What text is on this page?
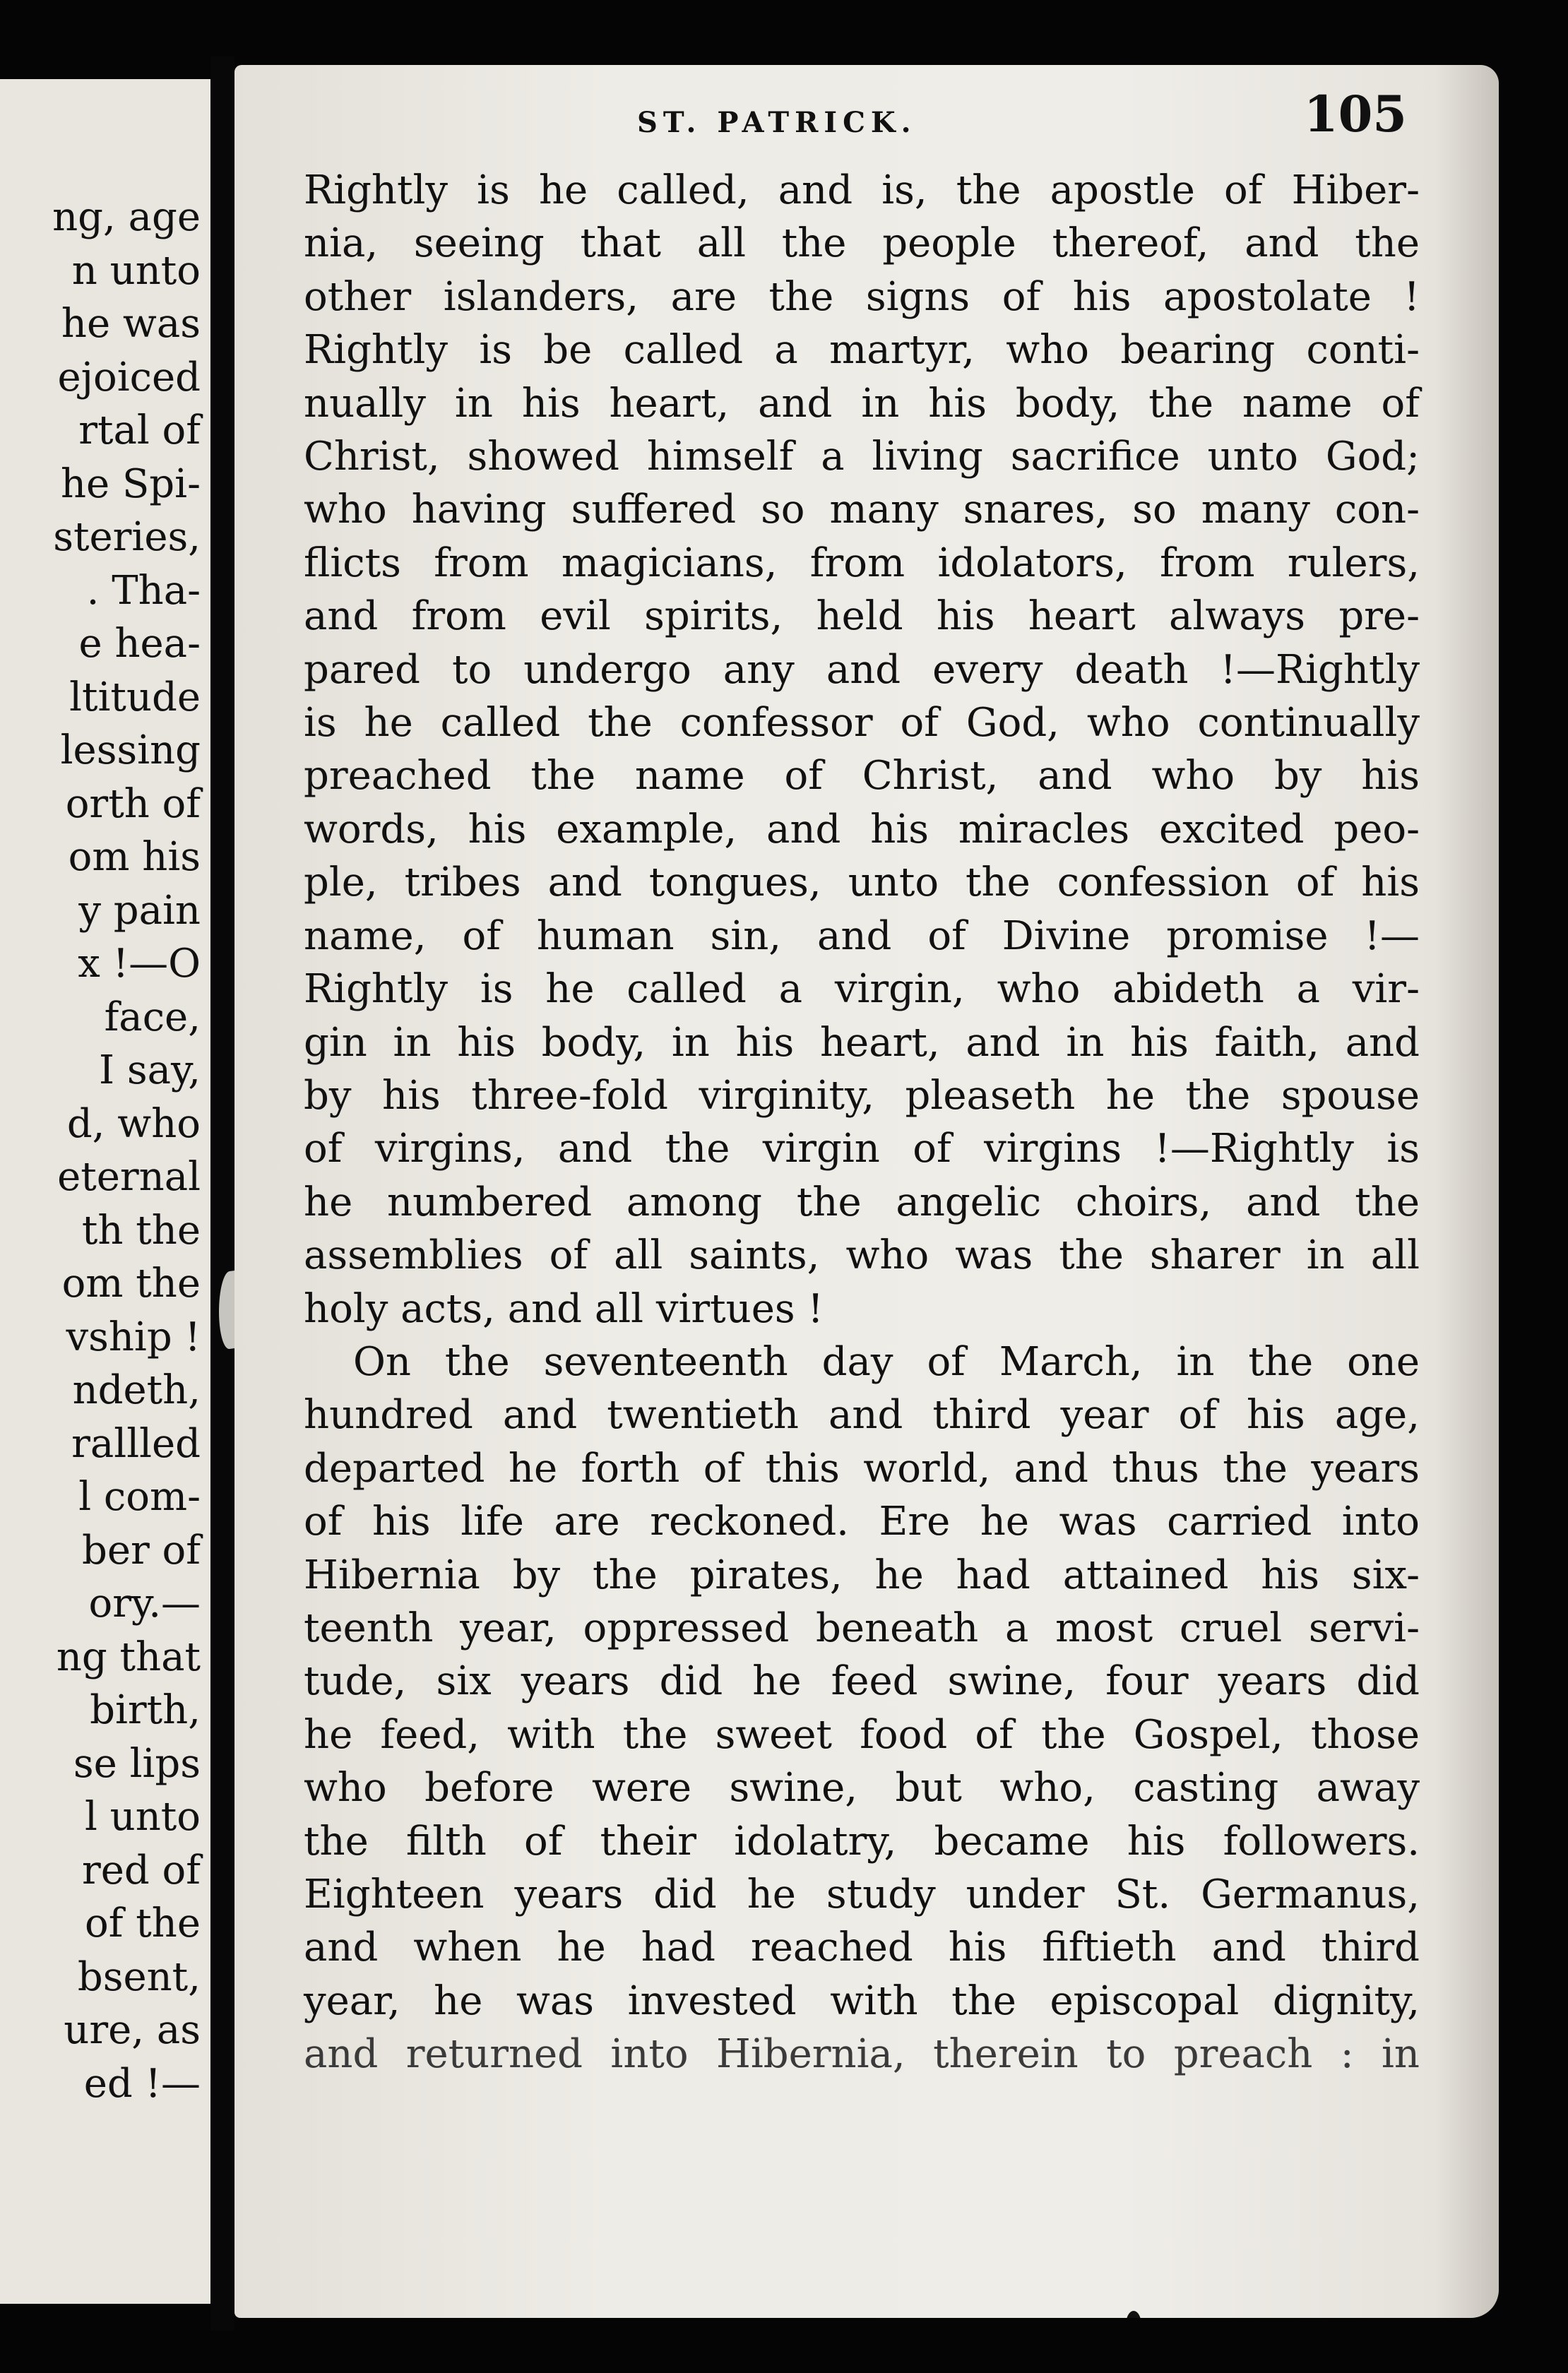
ng, age
n unto
he was
ejoiced
rtal of
he Spi-
steries,
. Tha-
e hea-
ltitude
lessing
orth of
om his
y pain
x !—O
face,
I say,
d, who
eternal
th the
om the
vship !
ndeth,
rallled
l com-
ber of
ory.—
ng that
birth,
se lips
l unto
red of
of the
bsent,
ure, as
ed !—
ST. PATRICK.	105
Rightly is he called, and is, the apostle of Hiber-
nia, seeing that all the people thereof, and the
other islanders, are the signs of his apostolate !
Rightly is be called a martyr, who bearing conti-
nually in his heart, and in his body, the name of
Christ, showed himself a living sacrifice unto God;
who having suffered so many snares, so many con-
flicts from magicians, from idolators, from rulers,
and from evil spirits, held his heart always pre-
pared to undergo any and every death !—Rightly
is he called the confessor of God, who continually
preached the name of Christ, and who by his
words, his example, and his miracles excited peo-
ple, tribes and tongues, unto the confession of his
name, of human sin, and of Divine promise !—
Rightly is he called a virgin, who abideth a vir-
gin in his body, in his heart, and in his faith, and
by his three-fold virginity, pleaseth he the spouse
of virgins, and the virgin of virgins !—Rightly is
he numbered among the angelic choirs, and the
assemblies of all saints, who was the sharer in all
holy acts, and all virtues !
On the seventeenth day of March, in the one
hundred and twentieth and third year of his age,
departed he forth of this world, and thus the years
of his life are reckoned. Ere he was carried into
Hibernia by the pirates, he had attained his six-
teenth year, oppressed beneath a most cruel servi-
tude, six years did he feed swine, four years did
he feed, with the sweet food of the Gospel, those
who before were swine, but who, casting away
the filth of their idolatry, became his followers.
Eighteen years did he study under St. Germanus,
and when he had reached his fiftieth and third
year, he was invested with the episcopal dignity,
and returned into Hibernia, therein to preach : in
